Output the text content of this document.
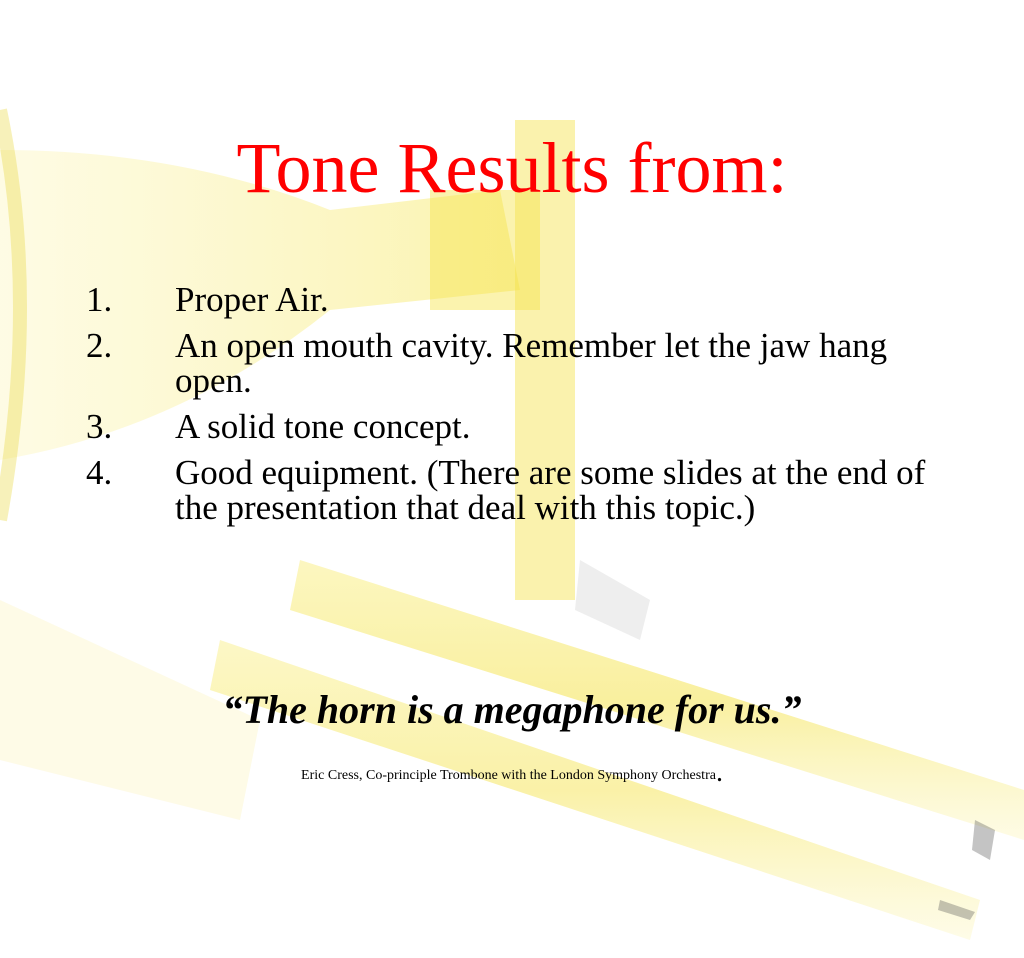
Tone Results from:
1.	Proper Air.
2.	An open mouth cavity. Remember let the jaw hang open.
3.	A solid tone concept.
4.	Good equipment. (There are some slides at the end of the presentation that deal with this topic.)
“The horn is a megaphone for us.”
Eric Cress, Co-principle Trombone with the London Symphony Orchestra.
